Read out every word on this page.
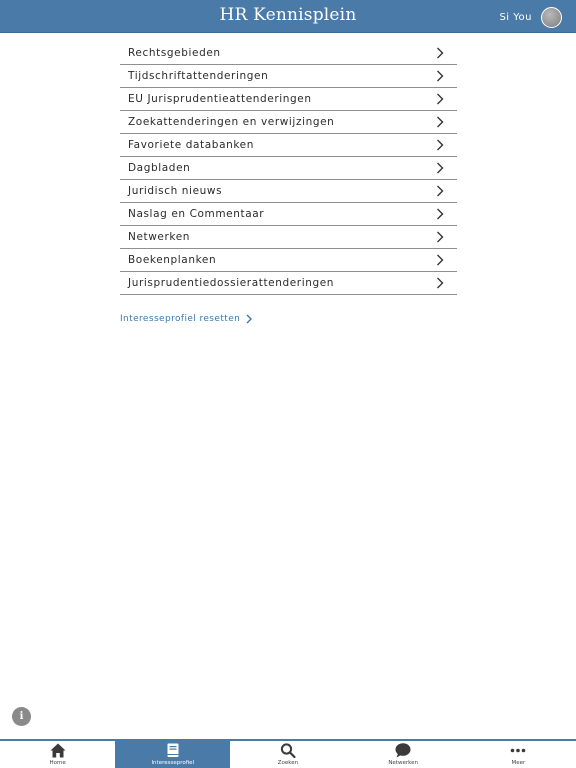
HR Kennisplein	Si You
Rechtsgebieden
Tijdschriftattenderingen
EU Jurisprudentieattenderingen
Zoekattenderingen en verwijzingen
Favoriete databanken
Dagbladen
Juridisch nieuws
Naslag en Commentaar
Netwerken
Boekenplanken
Jurisprudentiedossierattenderingen
Interesseprofiel resetten
i
Home	Interesseprofiel	Zoeken	Netwerken	Meer
